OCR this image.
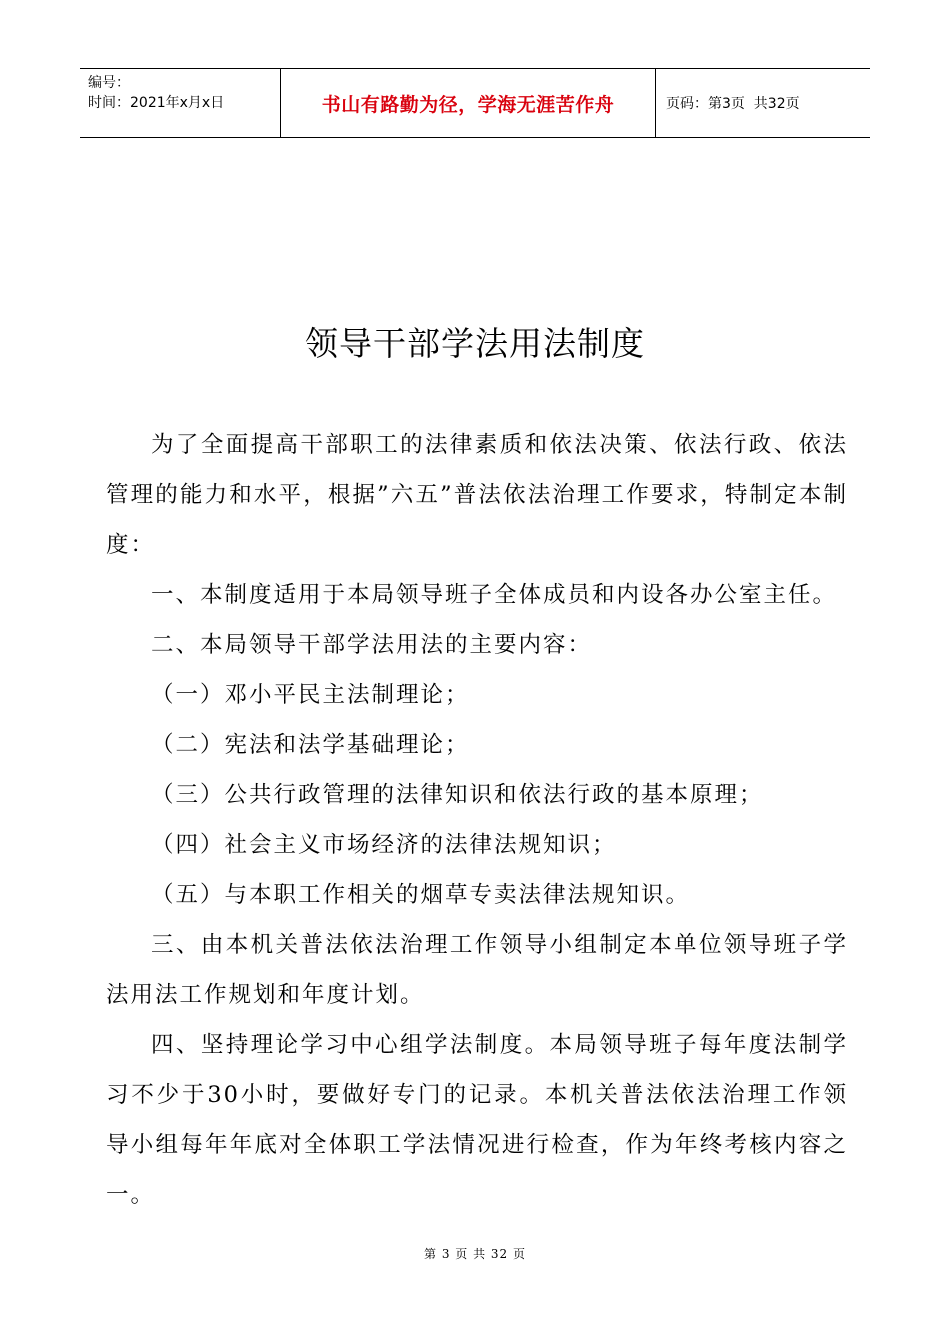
编号：
时间：2021年x月x日	书山有路勤为径，学海无涯苦作舟	页码：第3页  共32页
领导干部学法用法制度

为了全面提高干部职工的法律素质和依法决策、依法行政、依法管理的能力和水平，根据”六五”普法依法治理工作要求，特制定本制度：

一、本制度适用于本局领导班子全体成员和内设各办公室主任。

二、本局领导干部学法用法的主要内容：

（一）邓小平民主法制理论；

（二）宪法和法学基础理论；

（三）公共行政管理的法律知识和依法行政的基本原理；

（四）社会主义市场经济的法律法规知识；

（五）与本职工作相关的烟草专卖法律法规知识。

三、由本机关普法依法治理工作领导小组制定本单位领导班子学法用法工作规划和年度计划。

四、坚持理论学习中心组学法制度。本局领导班子每年度法制学习不少于30小时，要做好专门的记录。本机关普法依法治理工作领导小组每年年底对全体职工学法情况进行检查，作为年终考核内容之一。

第 3 页 共 32 页
